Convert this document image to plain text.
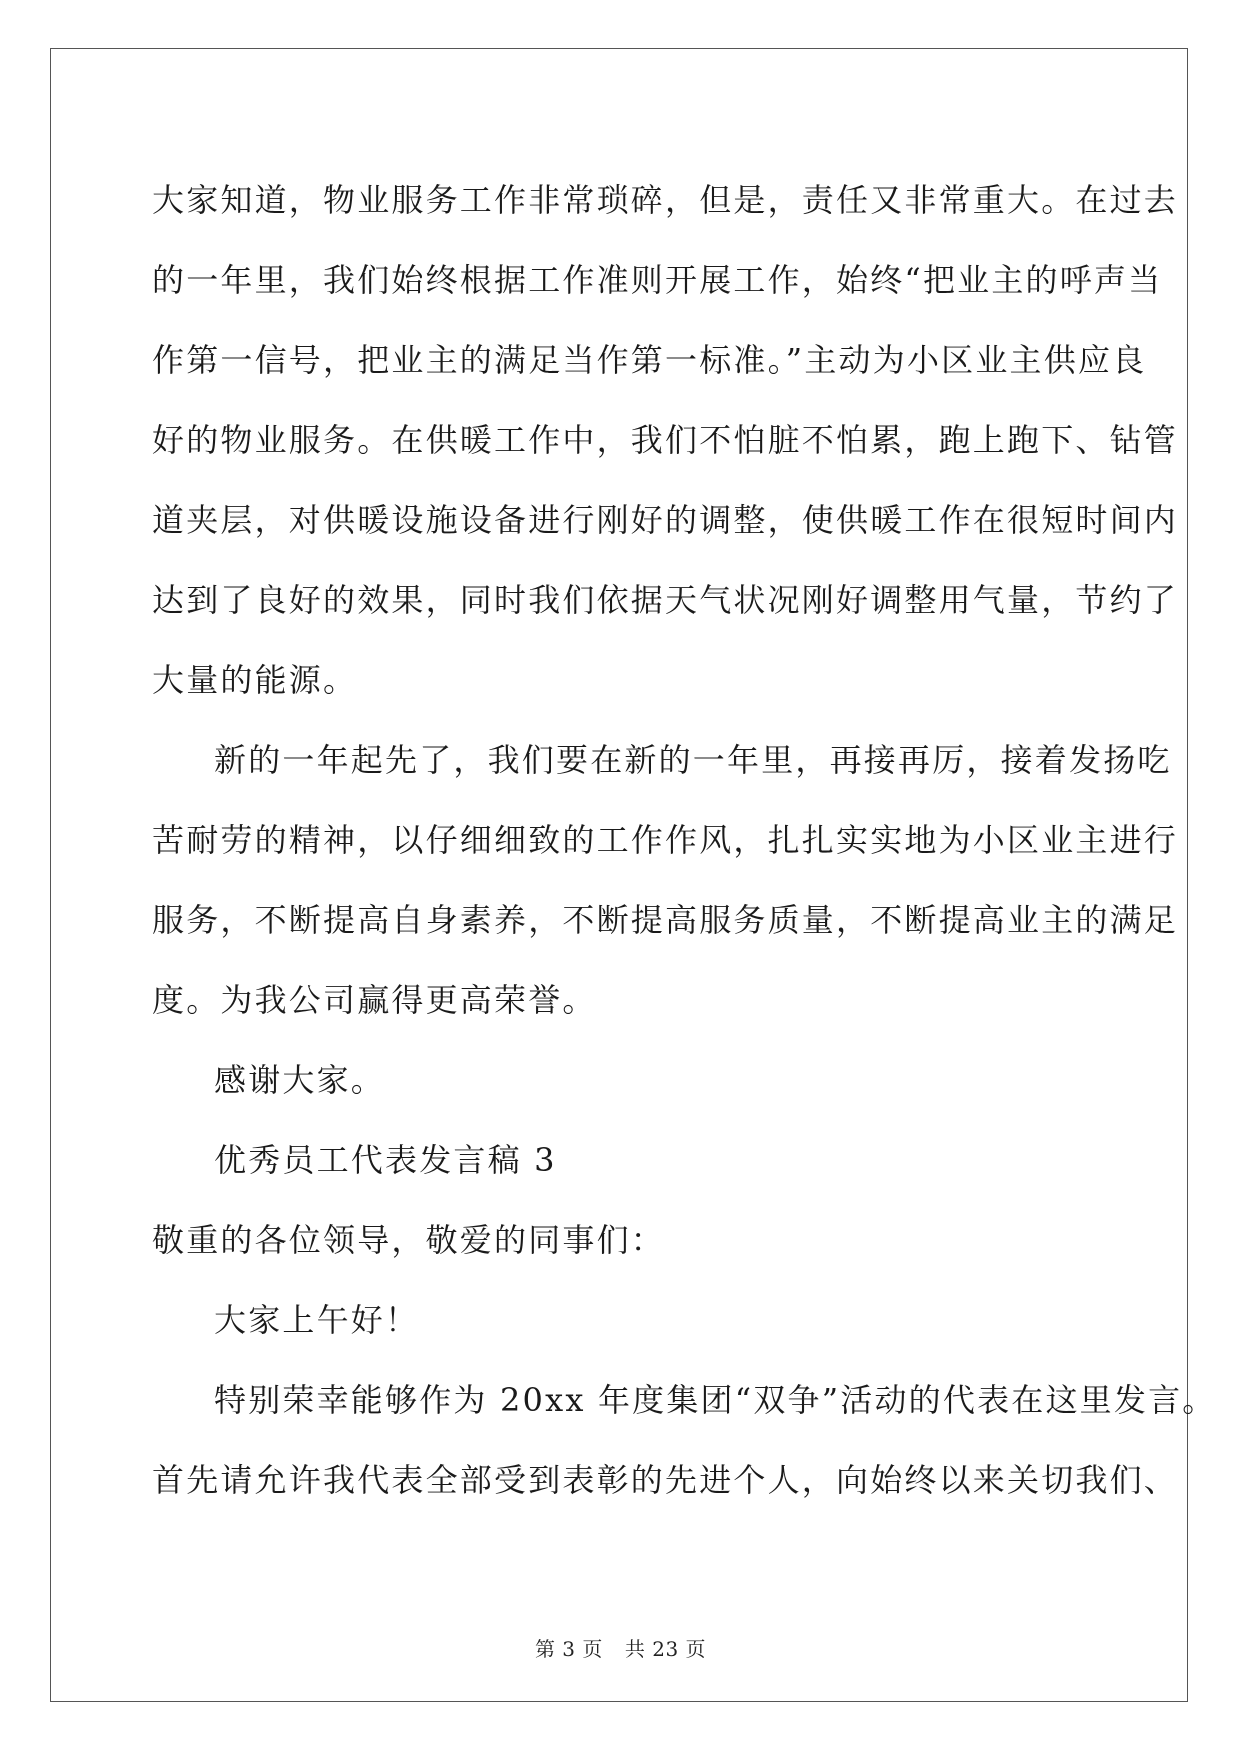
大家知道，物业服务工作非常琐碎，但是，责任又非常重大。在过去
的一年里，我们始终根据工作准则开展工作，始终“把业主的呼声当
作第一信号，把业主的满足当作第一标准。”主动为小区业主供应良
好的物业服务。在供暖工作中，我们不怕脏不怕累，跑上跑下、钻管
道夹层，对供暖设施设备进行刚好的调整，使供暖工作在很短时间内
达到了良好的效果，同时我们依据天气状况刚好调整用气量，节约了
大量的能源。
新的一年起先了，我们要在新的一年里，再接再厉，接着发扬吃
苦耐劳的精神，以仔细细致的工作作风，扎扎实实地为小区业主进行
服务，不断提高自身素养，不断提高服务质量，不断提高业主的满足
度。为我公司赢得更高荣誉。
感谢大家。
优秀员工代表发言稿 3
敬重的各位领导，敬爱的同事们：
大家上午好！
特别荣幸能够作为 20xx 年度集团“双争”活动的代表在这里发言。
首先请允许我代表全部受到表彰的先进个人，向始终以来关切我们、
第 3 页 共 23 页
